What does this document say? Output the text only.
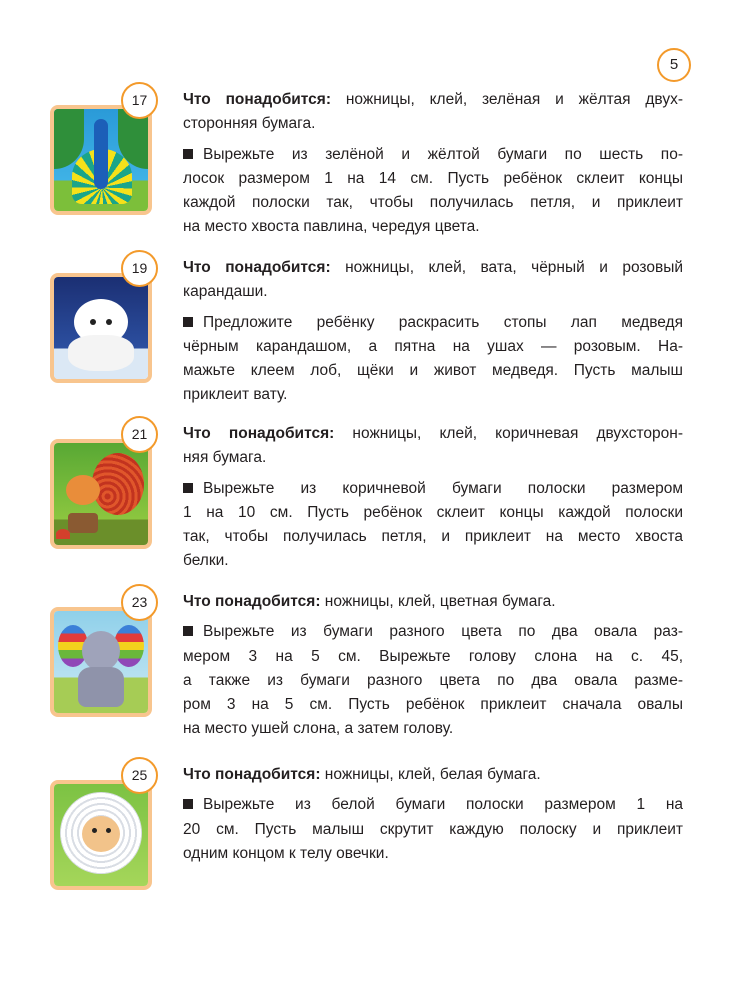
5
17	Что понадобится: ножницы, клей, зелёная и жёлтая двух-
сторонняя бумага.
Вырежьте из зелёной и жёлтой бумаги по шесть по-
лосок размером 1 на 14 см. Пусть ребёнок склеит концы
каждой полоски так, чтобы получилась петля, и приклеит
на место хвоста павлина, чередуя цвета.
19	Что понадобится: ножницы, клей, вата, чёрный и розовый
карандаши.
Предложите ребёнку раскрасить стопы лап медведя
чёрным карандашом, а пятна на ушах — розовым. На-
мажьте клеем лоб, щёки и живот медведя. Пусть малыш
приклеит вату.
21	Что понадобится: ножницы, клей, коричневая двухсторон-
няя бумага.
Вырежьте из коричневой бумаги полоски размером
1 на 10 см. Пусть ребёнок склеит концы каждой полоски
так, чтобы получилась петля, и приклеит на место хвоста
белки.
23	Что понадобится: ножницы, клей, цветная бумага.
Вырежьте из бумаги разного цвета по два овала раз-
мером 3 на 5 см. Вырежьте голову слона на с. 45,
а также из бумаги разного цвета по два овала разме-
ром 3 на 5 см. Пусть ребёнок приклеит сначала овалы
на место ушей слона, а затем голову.
25	Что понадобится: ножницы, клей, белая бумага.
Вырежьте из белой бумаги полоски размером 1 на
20 см. Пусть малыш скрутит каждую полоску и приклеит
одним концом к телу овечки.
